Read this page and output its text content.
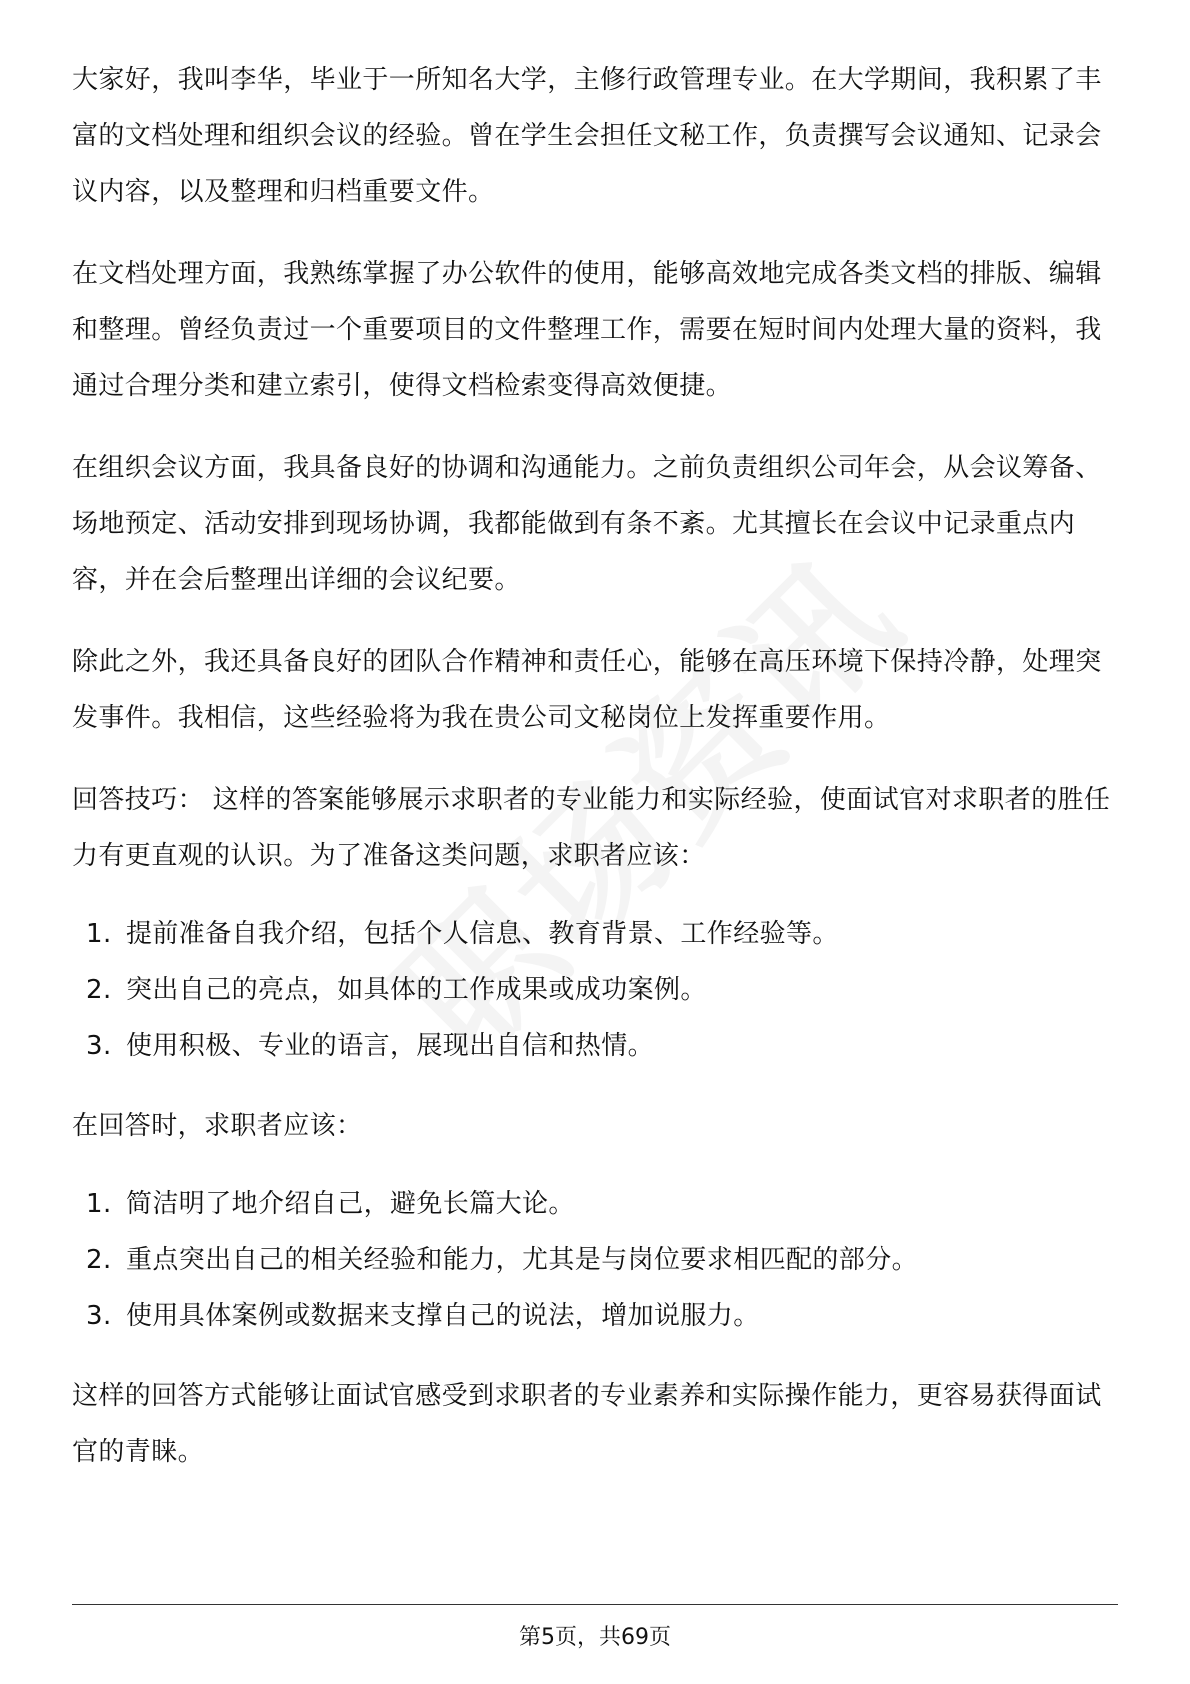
大家好，我叫李华，毕业于一所知名大学，主修行政管理专业。在大学期间，我积累了丰富的文档处理和组织会议的经验。曾在学生会担任文秘工作，负责撰写会议通知、记录会议内容，以及整理和归档重要文件。

在文档处理方面，我熟练掌握了办公软件的使用，能够高效地完成各类文档的排版、编辑和整理。曾经负责过一个重要项目的文件整理工作，需要在短时间内处理大量的资料，我通过合理分类和建立索引，使得文档检索变得高效便捷。

在组织会议方面，我具备良好的协调和沟通能力。之前负责组织公司年会，从会议筹备、场地预定、活动安排到现场协调，我都能做到有条不紊。尤其擅长在会议中记录重点内容，并在会后整理出详细的会议纪要。

除此之外，我还具备良好的团队合作精神和责任心，能够在高压环境下保持冷静，处理突发事件。我相信，这些经验将为我在贵公司文秘岗位上发挥重要作用。

回答技巧： 这样的答案能够展示求职者的专业能力和实际经验，使面试官对求职者的胜任力有更直观的认识。为了准备这类问题，求职者应该：

1. 提前准备自我介绍，包括个人信息、教育背景、工作经验等。
2. 突出自己的亮点，如具体的工作成果或成功案例。
3. 使用积极、专业的语言，展现出自信和热情。

在回答时，求职者应该：

1. 简洁明了地介绍自己，避免长篇大论。
2. 重点突出自己的相关经验和能力，尤其是与岗位要求相匹配的部分。
3. 使用具体案例或数据来支撑自己的说法，增加说服力。

这样的回答方式能够让面试官感受到求职者的专业素养和实际操作能力，更容易获得面试官的青睐。

第5页，共69页
